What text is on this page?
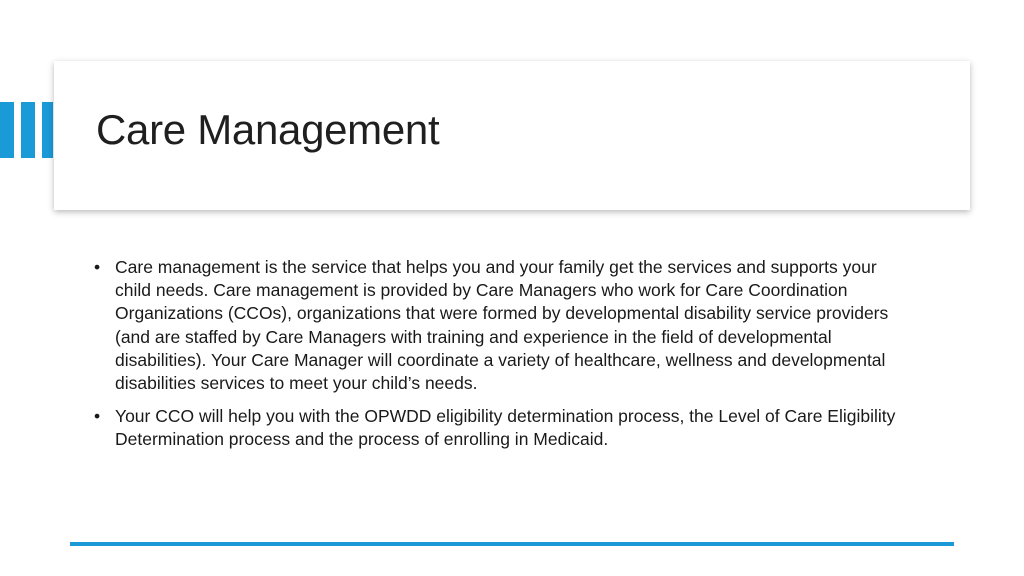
Care Management
• Care management is the service that helps you and your family get the services and supports your child needs. Care management is provided by Care Managers who work for Care Coordination Organizations (CCOs), organizations that were formed by developmental disability service providers (and are staffed by Care Managers with training and experience in the field of developmental disabilities). Your Care Manager will coordinate a variety of healthcare, wellness and developmental disabilities services to meet your child’s needs.
• Your CCO will help you with the OPWDD eligibility determination process, the Level of Care Eligibility Determination process and the process of enrolling in Medicaid.
